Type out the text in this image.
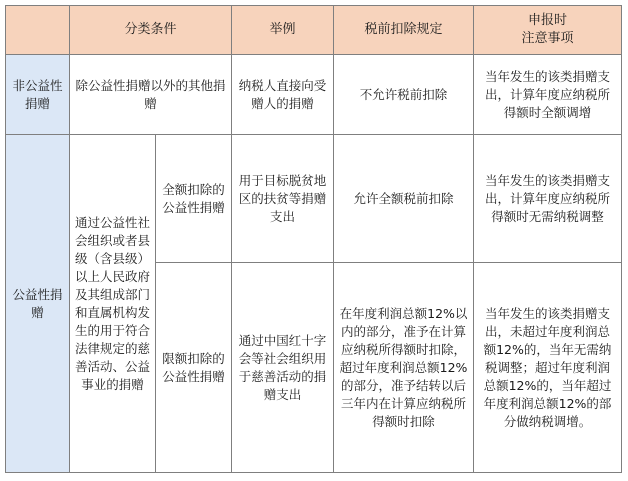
	分类条件		举例	税前扣除规定	申报时
注意事项
非公益性捐赠	除公益性捐赠以外的其他捐赠		纳税人直接向受赠人的捐赠	不允许税前扣除	当年发生的该类捐赠支出，计算年度应纳税所得额时全额调增
公益性捐赠	通过公益性社会组织或者县级（含县级）以上人民政府及其组成部门和直属机构发生的用于符合法律规定的慈善活动、公益事业的捐赠	全额扣除的公益性捐赠	用于目标脱贫地区的扶贫等捐赠支出	允许全额税前扣除	当年发生的该类捐赠支出，计算年度应纳税所得额时无需纳税调整
		限额扣除的公益性捐赠	通过中国红十字会等社会组织用于慈善活动的捐赠支出	在年度利润总额12%以内的部分，准予在计算应纳税所得额时扣除，超过年度利润总额12%的部分，准予结转以后三年内在计算应纳税所得额时扣除	当年发生的该类捐赠支出，未超过年度利润总额12%的，当年无需纳税调整；超过年度利润总额12%的，当年超过年度利润总额12%的部分做纳税调增。
